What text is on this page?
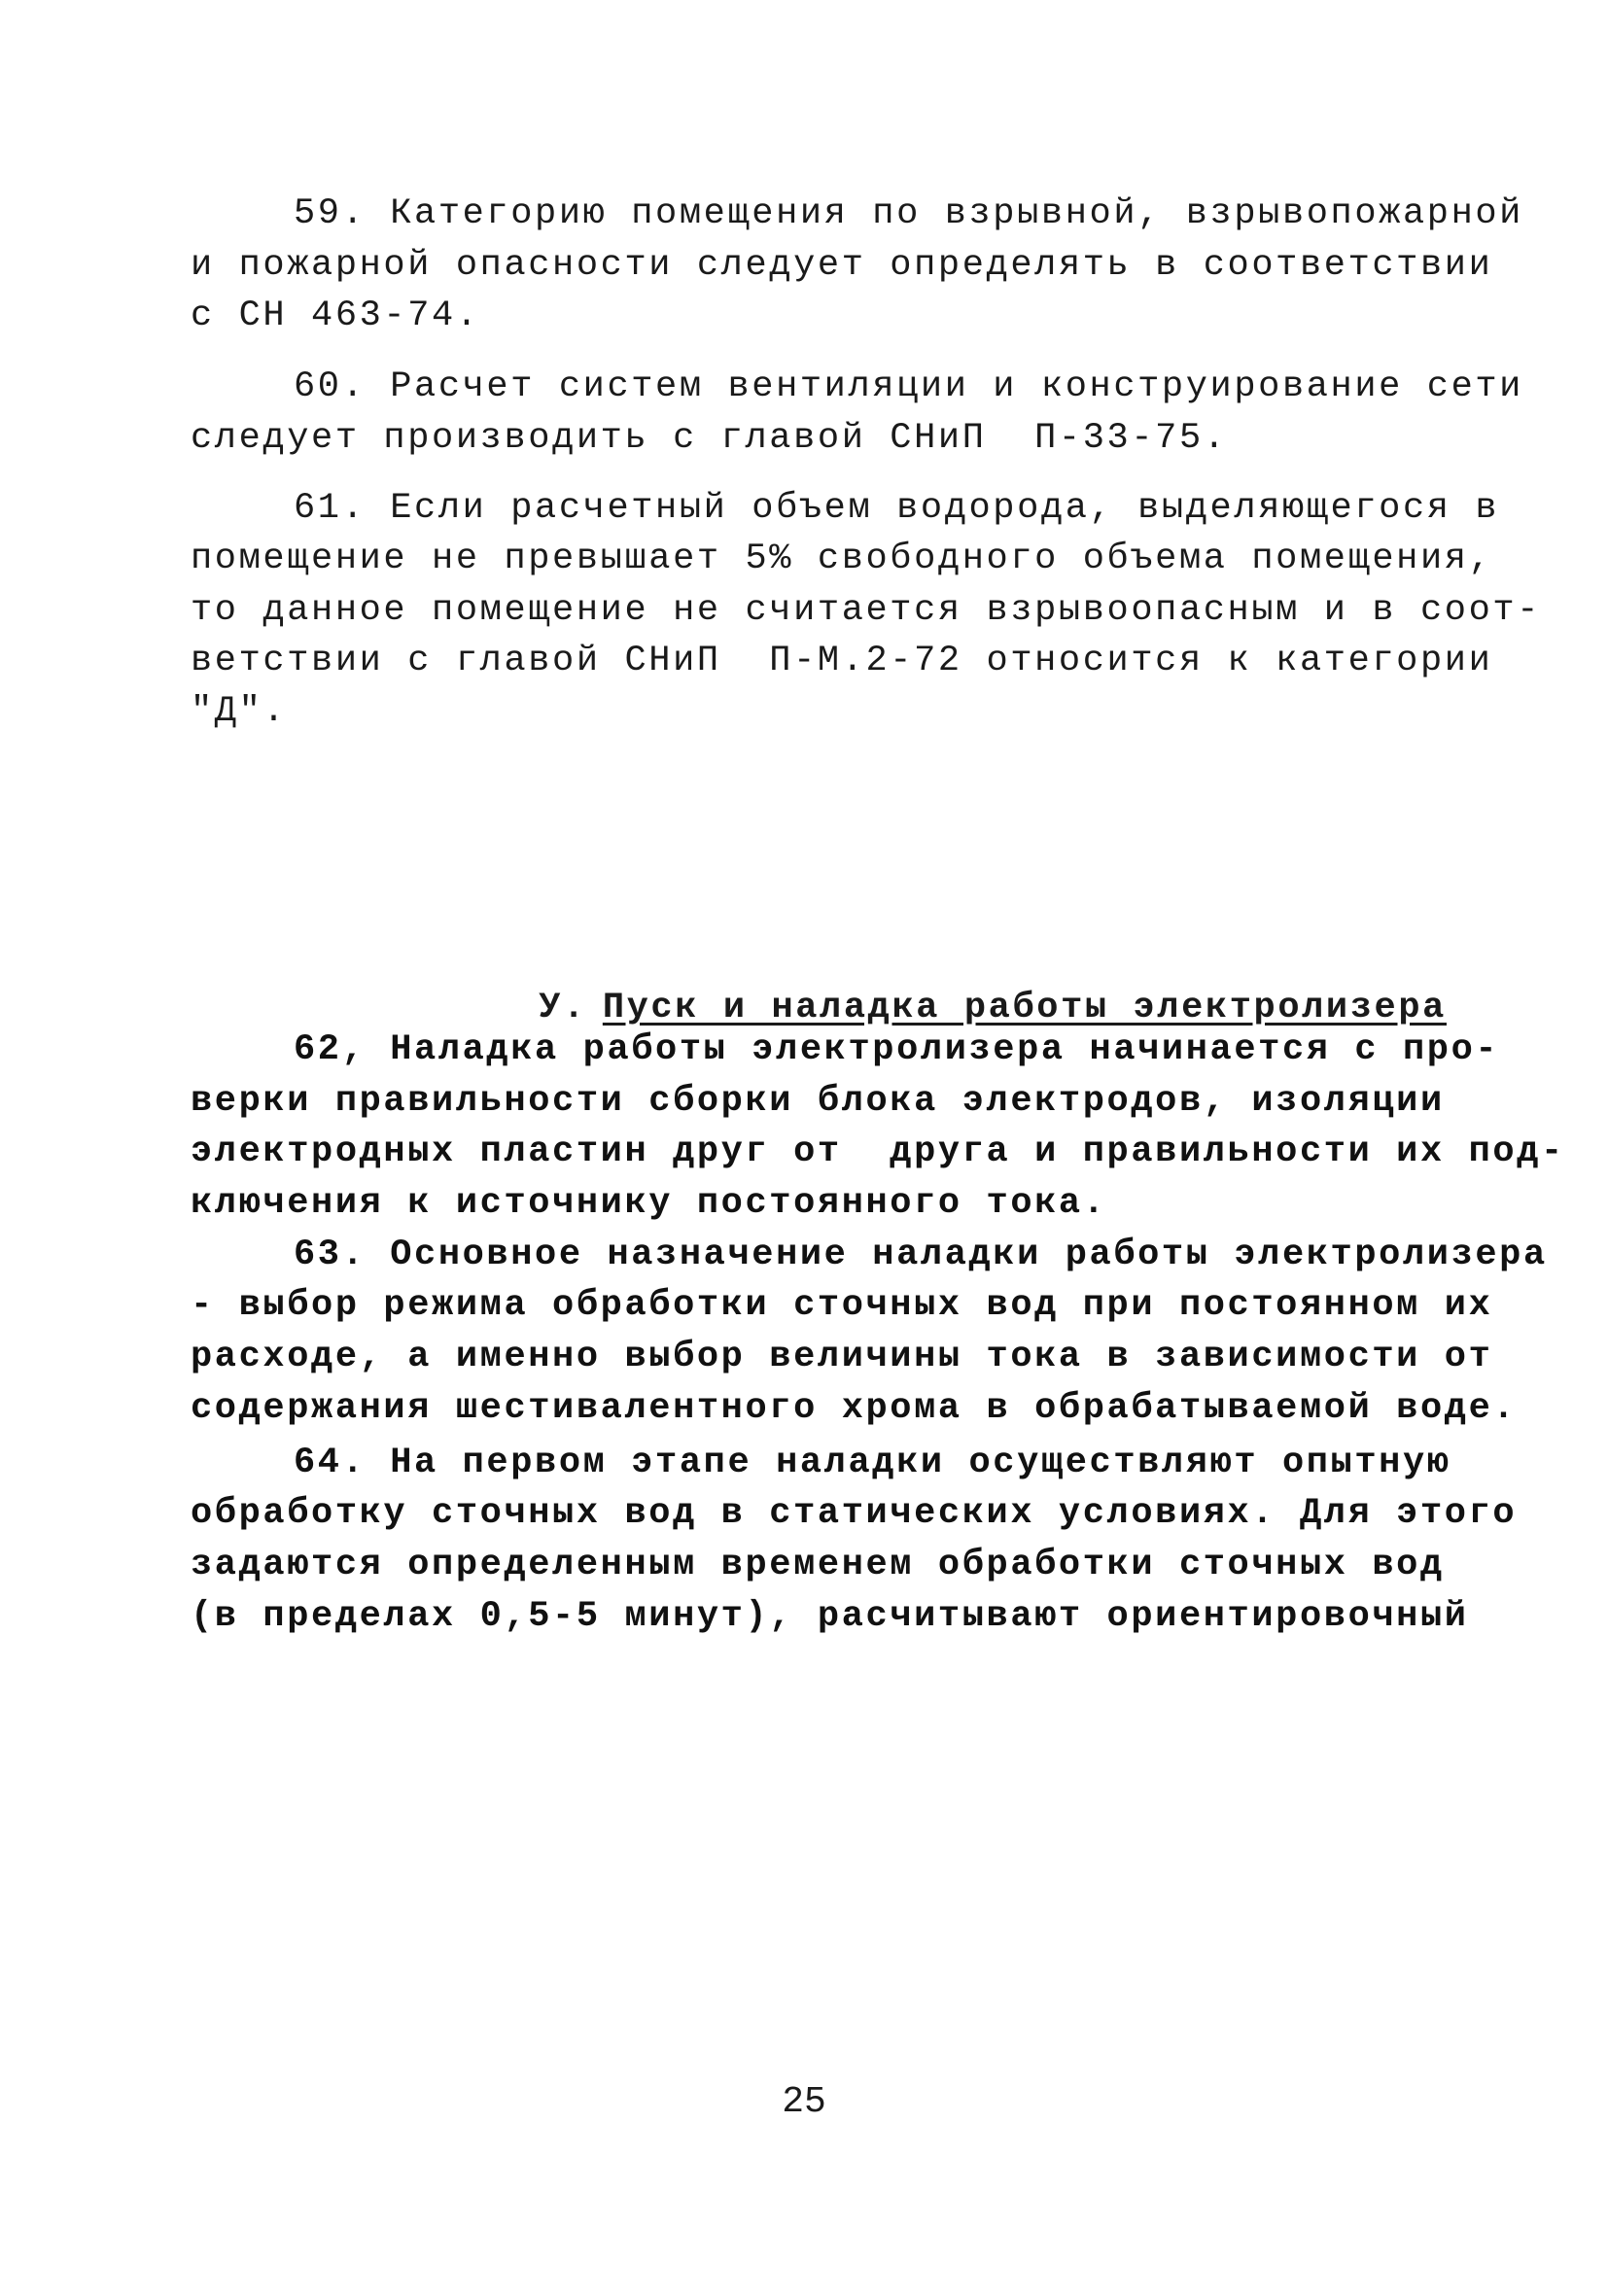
59. Категорию помещения по взрывной, взрывопожарной
и пожарной опасности следует определять в соответствии
с СН 463-74.
60. Расчет систем вентиляции и конструирование сети
следует производить с главой СНиП  П-33-75.
61. Если расчетный объем водорода, выделяющегося в
помещение не превышает 5% свободного объема помещения,
то данное помещение не считается взрывоопасным и в соот-
ветствии с главой СНиП  П-М.2-72 относится к категории
"Д".

У. Пуск и наладка работы электролизера

62, Наладка работы электролизера начинается с про-
верки правильности сборки блока электродов, изоляции
электродных пластин друг от  друга и правильности их под-
ключения к источнику постоянного тока.
63. Основное назначение наладки работы электролизера
- выбор режима обработки сточных вод при постоянном их
расходе, а именно выбор величины тока в зависимости от
содержания шестивалентного хрома в обрабатываемой воде.
64. На первом этапе наладки осуществляют опытную
обработку сточных вод в статических условиях. Для этого
задаются определенным временем обработки сточных вод
(в пределах 0,5-5 минут), расчитывают ориентировочный
25
